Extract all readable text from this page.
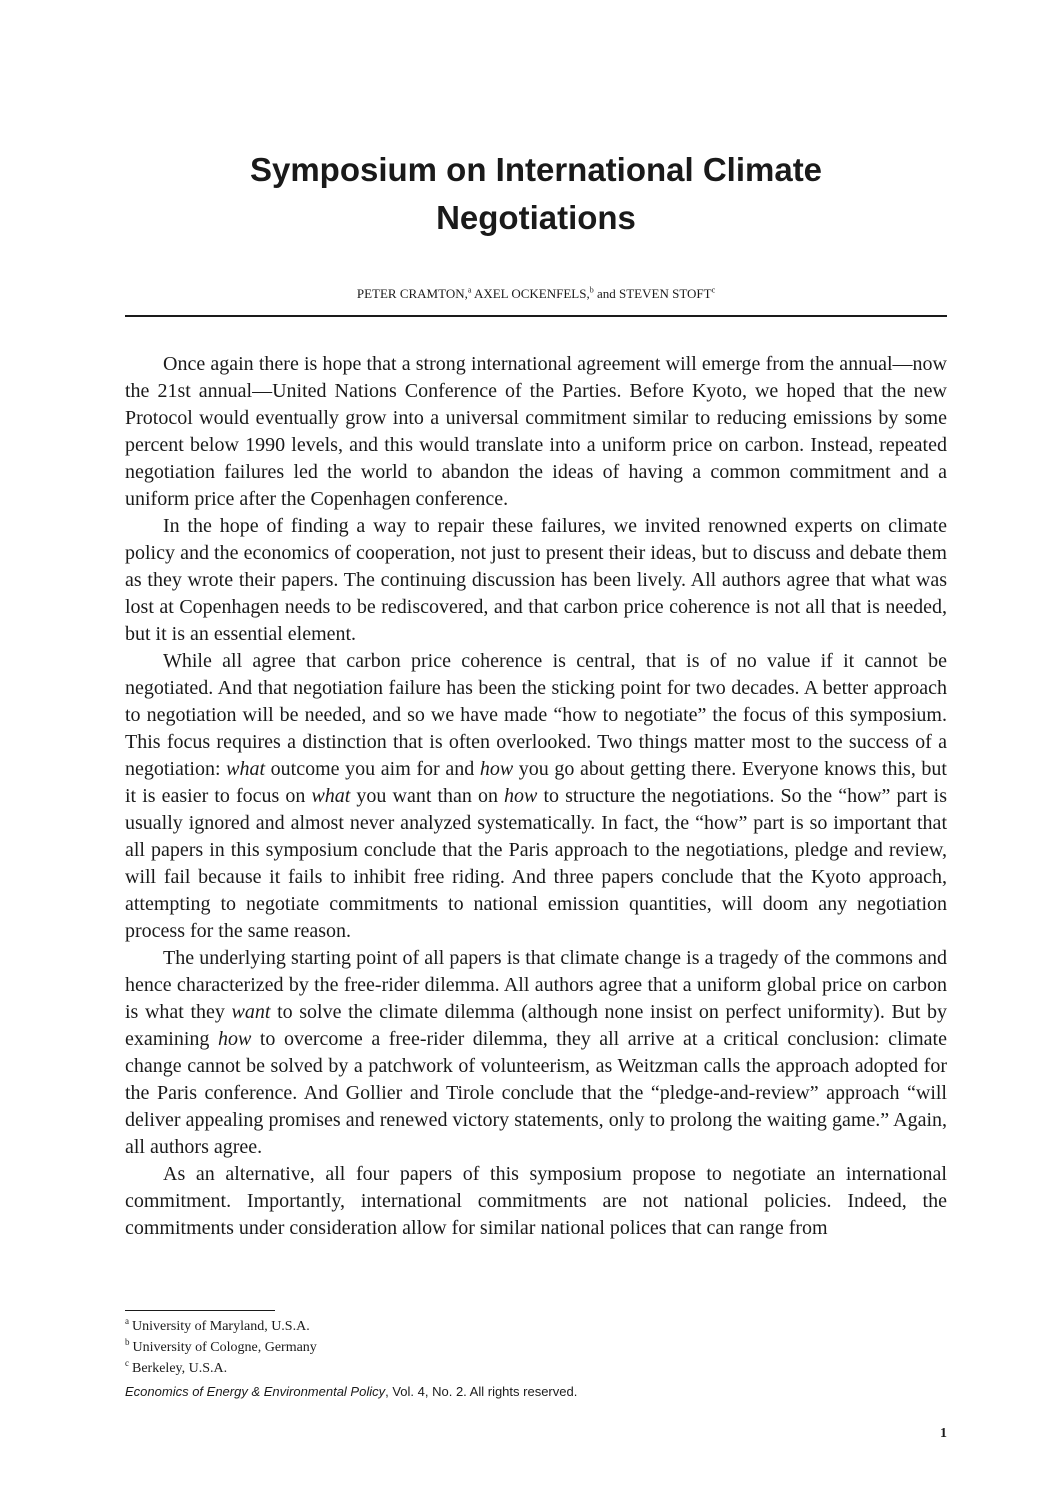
Symposium on International Climate
Negotiations
PETER CRAMTON,$^a$ AXEL OCKENFELS,$^b$ and STEVEN STOFT$^c$

Once again there is hope that a strong international agreement will emerge from the annual—now the 21st annual—United Nations Conference of the Parties. Before Kyoto, we hoped that the new Protocol would eventually grow into a universal commitment similar to reducing emissions by some percent below 1990 levels, and this would translate into a uniform price on carbon. Instead, repeated negotiation failures led the world to abandon the ideas of having a common commitment and a uniform price after the Copenhagen conference.

In the hope of finding a way to repair these failures, we invited renowned experts on climate policy and the economics of cooperation, not just to present their ideas, but to discuss and debate them as they wrote their papers. The continuing discussion has been lively. All authors agree that what was lost at Copenhagen needs to be rediscovered, and that carbon price coherence is not all that is needed, but it is an essential element.

While all agree that carbon price coherence is central, that is of no value if it cannot be negotiated. And that negotiation failure has been the sticking point for two decades. A better approach to negotiation will be needed, and so we have made “how to negotiate” the focus of this symposium. This focus requires a distinction that is often overlooked. Two things matter most to the success of a negotiation: what outcome you aim for and how you go about getting there. Everyone knows this, but it is easier to focus on what you want than on how to structure the negotiations. So the “how” part is usually ignored and almost never analyzed systematically. In fact, the “how” part is so important that all papers in this symposium conclude that the Paris approach to the negotiations, pledge and review, will fail because it fails to inhibit free riding. And three papers conclude that the Kyoto approach, attempting to negotiate commitments to national emission quantities, will doom any negotiation process for the same reason.

The underlying starting point of all papers is that climate change is a tragedy of the commons and hence characterized by the free-rider dilemma. All authors agree that a uniform global price on carbon is what they want to solve the climate dilemma (although none insist on perfect uniformity). But by examining how to overcome a free-rider dilemma, they all arrive at a critical conclusion: climate change cannot be solved by a patchwork of volunteerism, as Weitzman calls the approach adopted for the Paris conference. And Gollier and Tirole conclude that the “pledge-and-review” approach “will deliver appealing promises and renewed victory statements, only to prolong the waiting game.” Again, all authors agree.

As an alternative, all four papers of this symposium propose to negotiate an international commitment. Importantly, international commitments are not national policies. Indeed, the commitments under consideration allow for similar national polices that can range from

$^a$ University of Maryland, U.S.A.
$^b$ University of Cologne, Germany
$^c$ Berkeley, U.S.A.
Economics of Energy & Environmental Policy, Vol. 4, No. 2. All rights reserved.
1
